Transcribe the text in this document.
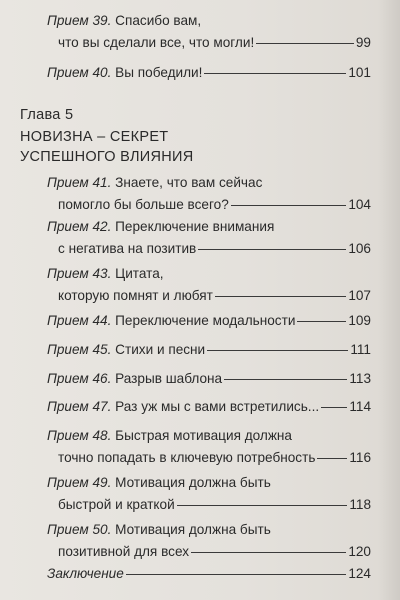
Прием 39.
Спасибо вам,
что вы сделали все, что могли!	99
Прием 40.
Вы победили!	101
Глава 5
НОВИЗНА – СЕКРЕТ
УСПЕШНОГО ВЛИЯНИЯ
Прием 41.
Знаете, что вам сейчас
помогло бы больше всего?	104
Прием 42.
Переключение внимания
с негатива на позитив	106
Прием 43.
Цитата,
которую помнят и любят	107
Прием 44.
Переключение модальности	109
Прием 45.
Стихи и песни	111
Прием 46.
Разрыв шаблона	113
Прием 47.
Раз уж мы с вами встретились... 114
Прием 48.
Быстрая мотивация должна
точно попадать в ключевую потребность 116
Прием 49.
Мотивация должна быть
быстрой и краткой	118
Прием 50.
Мотивация должна быть
позитивной для всех	120
Заключение	124
